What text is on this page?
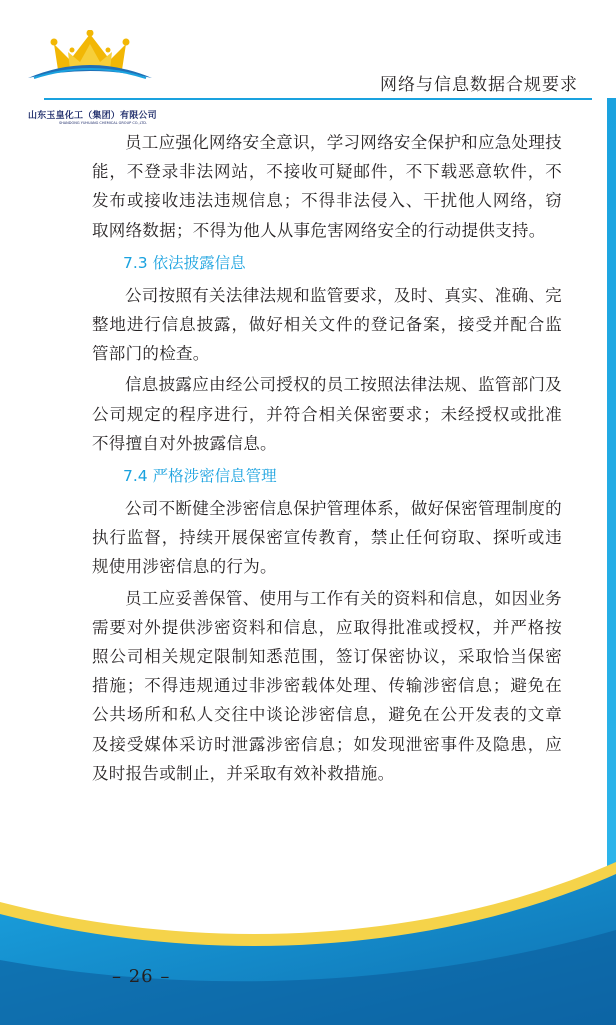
山东玉皇化工（集团）有限公司
SHANDONG YUHUANG CHEMICAL GROUP CO.,LTD.
网络与信息数据合规要求

员工应强化网络安全意识，学习网络安全保护和应急处理技能，不登录非法网站，不接收可疑邮件，不下载恶意软件，不发布或接收违法违规信息；不得非法侵入、干扰他人网络，窃取网络数据；不得为他人从事危害网络安全的行动提供支持。

7.3 依法披露信息

公司按照有关法律法规和监管要求，及时、真实、准确、完整地进行信息披露，做好相关文件的登记备案，接受并配合监管部门的检查。

信息披露应由经公司授权的员工按照法律法规、监管部门及公司规定的程序进行，并符合相关保密要求；未经授权或批准不得擅自对外披露信息。

7.4 严格涉密信息管理

公司不断健全涉密信息保护管理体系，做好保密管理制度的执行监督，持续开展保密宣传教育，禁止任何窃取、探听或违规使用涉密信息的行为。

员工应妥善保管、使用与工作有关的资料和信息，如因业务需要对外提供涉密资料和信息，应取得批准或授权，并严格按照公司相关规定限制知悉范围，签订保密协议，采取恰当保密措施；不得违规通过非涉密载体处理、传输涉密信息；避免在公共场所和私人交往中谈论涉密信息，避免在公开发表的文章及接受媒体采访时泄露涉密信息；如发现泄密事件及隐患，应及时报告或制止，并采取有效补救措施。

– 26 –
